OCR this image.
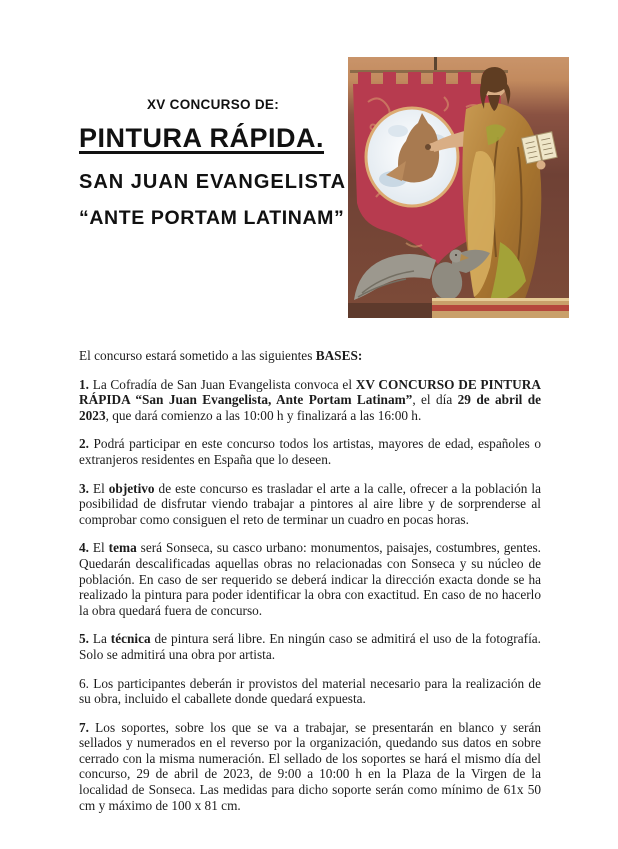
XV CONCURSO DE:
PINTURA RÁPIDA.
SAN JUAN EVANGELISTA
“ANTE PORTAM LATINAM”

El concurso estará sometido a las siguientes BASES:

1. La Cofradía de San Juan Evangelista convoca el XV CONCURSO DE PINTURA RÁPIDA “San Juan Evangelista, Ante Portam Latinam”, el día 29 de abril de 2023, que dará comienzo a las 10:00 h y finalizará a las 16:00 h.

2. Podrá participar en este concurso todos los artistas, mayores de edad, españoles o extranjeros residentes en España que lo deseen.

3. El objetivo de este concurso es trasladar el arte a la calle, ofrecer a la población la posibilidad de disfrutar viendo trabajar a pintores al aire libre y de sorprenderse al comprobar como consiguen el reto de terminar un cuadro en pocas horas.

4. El tema será Sonseca, su casco urbano: monumentos, paisajes, costumbres, gentes. Quedarán descalificadas aquellas obras no relacionadas con Sonseca y su núcleo de población. En caso de ser requerido se deberá indicar la dirección exacta donde se ha realizado la pintura para poder identificar la obra con exactitud. En caso de no hacerlo la obra quedará fuera de concurso.

5. La técnica de pintura será libre. En ningún caso se admitirá el uso de la fotografía. Solo se admitirá una obra por artista.

6. Los participantes deberán ir provistos del material necesario para la realización de su obra, incluido el caballete donde quedará expuesta.

7. Los soportes, sobre los que se va a trabajar, se presentarán en blanco y serán sellados y numerados en el reverso por la organización, quedando sus datos en sobre cerrado con la misma numeración. El sellado de los soportes se hará el mismo día del concurso, 29 de abril de 2023, de 9:00 a 10:00 h en la Plaza de la Virgen de la localidad de Sonseca. Las medidas para dicho soporte serán como mínimo de 61x 50 cm y máximo de 100 x 81 cm.
